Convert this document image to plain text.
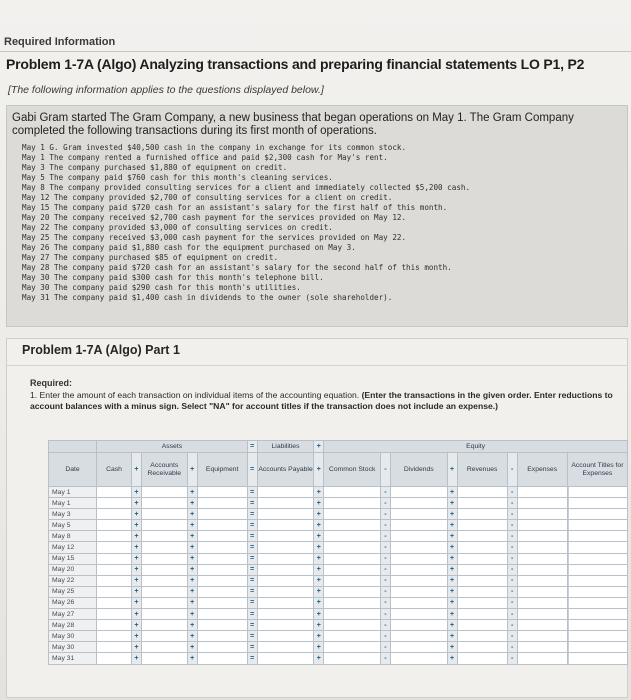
Required Information
Problem 1-7A (Algo) Analyzing transactions and preparing financial statements LO P1, P2
[The following information applies to the questions displayed below.]
Gabi Gram started The Gram Company, a new business that began operations on May 1. The Gram Company completed the following transactions during its first month of operations.
May 1 G. Gram invested $40,500 cash in the company in exchange for its common stock.
May 1 The company rented a furnished office and paid $2,300 cash for May's rent.
May 3 The company purchased $1,880 of equipment on credit.
May 5 The company paid $760 cash for this month's cleaning services.
May 8 The company provided consulting services for a client and immediately collected $5,200 cash.
May 12 The company provided $2,700 of consulting services for a client on credit.
May 15 The company paid $720 cash for an assistant's salary for the first half of this month.
May 20 The company received $2,700 cash payment for the services provided on May 12.
May 22 The company provided $3,000 of consulting services on credit.
May 25 The company received $3,000 cash payment for the services provided on May 22.
May 26 The company paid $1,880 cash for the equipment purchased on May 3.
May 27 The company purchased $85 of equipment on credit.
May 28 The company paid $720 cash for an assistant's salary for the second half of this month.
May 30 The company paid $300 cash for this month's telephone bill.
May 30 The company paid $290 cash for this month's utilities.
May 31 The company paid $1,400 cash in dividends to the owner (sole shareholder).
Problem 1-7A (Algo) Part 1
Required:
1. Enter the amount of each transaction on individual items of the accounting equation. (Enter the transactions in the given order. Enter reductions to account balances with a minus sign. Select "NA" for account titles if the transaction does not include an expense.)
	Assets					=	Liabilities	+	Equity							
Date	Cash	+	Accounts Receivable	+	Equipment	=	Accounts Payable	+	Common Stock	-	Dividends	+	Revenues	-	Expenses	Account Titles for Expenses
May 1		+		+		=		+		-		+		-		

May 1		+		+		=		+		-		+		-		

May 3		+		+		=		+		-		+		-		

May 5		+		+		=		+		-		+		-		

May 8		+		+		=		+		-		+		-		

May 12		+		+		=		+		-		+		-		

May 15		+		+		=		+		-		+		-		

May 20		+		+		=		+		-		+		-		

May 22		+		+		=		+		-		+		-		

May 25		+		+		=		+		-		+		-		

May 26		+		+		=		+		-		+		-		

May 27		+		+		=		+		-		+		-		

May 28		+		+		=		+		-		+		-		

May 30		+		+		=		+		-		+		-		

May 30		+		+		=		+		-		+		-		

May 31		+		+		=		+		-		+		-		
